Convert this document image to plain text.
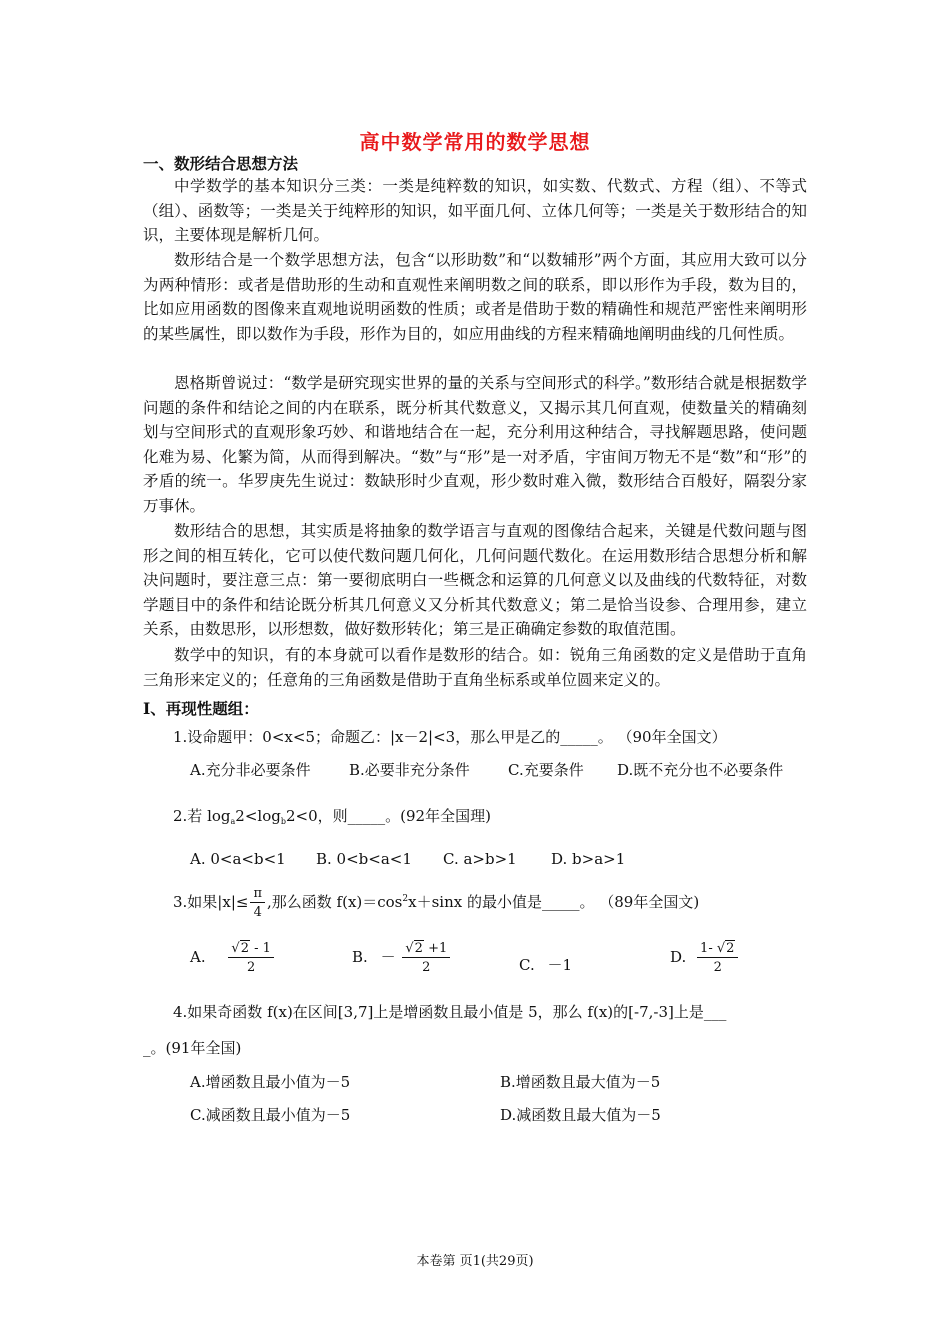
高中数学常用的数学思想
一、数形结合思想方法

中学数学的基本知识分三类：一类是纯粹数的知识，如实数、代数式、方程（组）、不等式（组）、函数等；一类是关于纯粹形的知识，如平面几何、立体几何等；一类是关于数形结合的知识，主要体现是解析几何。

数形结合是一个数学思想方法，包含“以形助数”和“以数辅形”两个方面，其应用大致可以分为两种情形：或者是借助形的生动和直观性来阐明数之间的联系，即以形作为手段，数为目的，比如应用函数的图像来直观地说明函数的性质；或者是借助于数的精确性和规范严密性来阐明形的某些属性，即以数作为手段，形作为目的，如应用曲线的方程来精确地阐明曲线的几何性质。

恩格斯曾说过：“数学是研究现实世界的量的关系与空间形式的科学。”数形结合就是根据数学问题的条件和结论之间的内在联系，既分析其代数意义，又揭示其几何直观，使数量关的精确刻划与空间形式的直观形象巧妙、和谐地结合在一起，充分利用这种结合，寻找解题思路，使问题化难为易、化繁为简，从而得到解决。“数”与“形”是一对矛盾，宇宙间万物无不是“数”和“形”的矛盾的统一。华罗庚先生说过：数缺形时少直观，形少数时难入微，数形结合百般好，隔裂分家万事休。

数形结合的思想，其实质是将抽象的数学语言与直观的图像结合起来，关键是代数问题与图形之间的相互转化，它可以使代数问题几何化，几何问题代数化。在运用数形结合思想分析和解决问题时，要注意三点：第一要彻底明白一些概念和运算的几何意义以及曲线的代数特征，对数学题目中的条件和结论既分析其几何意义又分析其代数意义；第二是恰当设参、合理用参，建立关系，由数思形，以形想数，做好数形转化；第三是正确确定参数的取值范围。

数学中的知识，有的本身就可以看作是数形的结合。如：锐角三角函数的定义是借助于直角三角形来定义的；任意角的三角函数是借助于直角坐标系或单位圆来定义的。

Ⅰ、再现性题组：
1.设命题甲：0<x<5；命题乙：|x－2|<3，那么甲是乙的_____。 （90年全国文）
A.充分非必要条件	B.必要非充分条件	C.充要条件 D.既不充分也不必要条件
2.若 $\log_a2<\log_b2<0$，则_____。(92年全国理)
A. 0<a<b<1 B. 0<b<a<1 C. a>b>1 D. b>a>1
3.如果$|x|\le \frac{\pi}{4}$ ,那么函数 $f(x)=\cos^2x+\sin x$ 的最小值是_____。 （89年全国文)
A. $\frac{√2 - 1}{2}$	B. － $\frac{√2 +1}{2}$	C. －1	D. $\frac{1- √2}{2}$
4.如果奇函数 f(x)在区间[3,7]上是增函数且最小值是 5，那么 f(x)的[-7,-3]上是___
_。(91年全国)
A.增函数且最小值为－5	B.增函数且最大值为－5
C.减函数且最小值为－5	D.减函数且最大值为－5
本卷第 页1(共29页)
